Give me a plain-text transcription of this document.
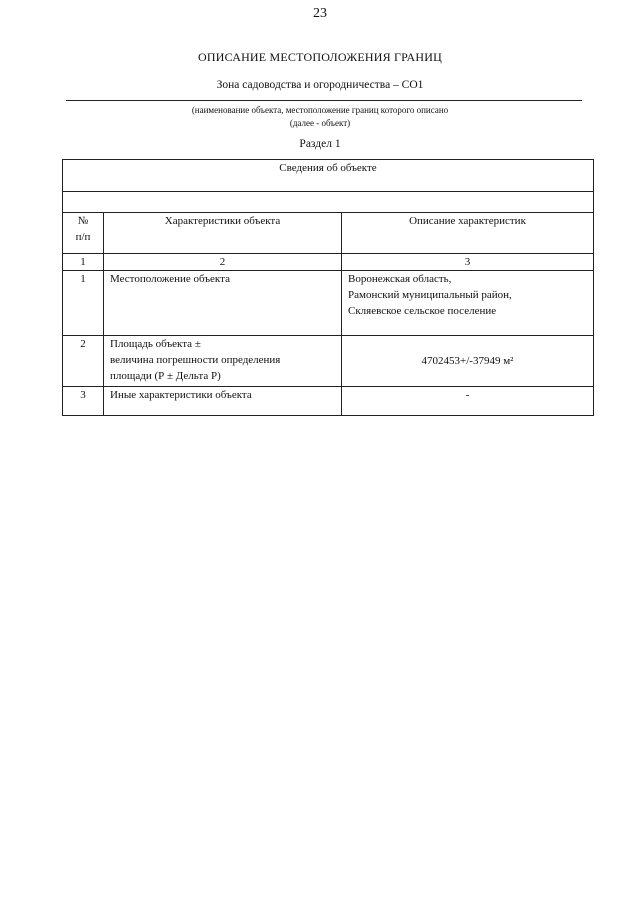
23
ОПИСАНИЕ МЕСТОПОЛОЖЕНИЯ ГРАНИЦ
Зона садоводства и огородничества – СО1
(наименование объекта, местоположение границ которого описано
(далее - объект)
Раздел 1
Сведения об объекте		

№
п/п	Характеристики объекта	Описание характеристик
1	2	3
1	Местоположение объекта	Воронежская область,
Рамонский муниципальный район,
Скляевское сельское поселение

2	Площадь объекта ±
величина погрешности определения
площади (Р ± Дельта Р)	4702453+/-37949 м²
3	Иные характеристики объекта	-
